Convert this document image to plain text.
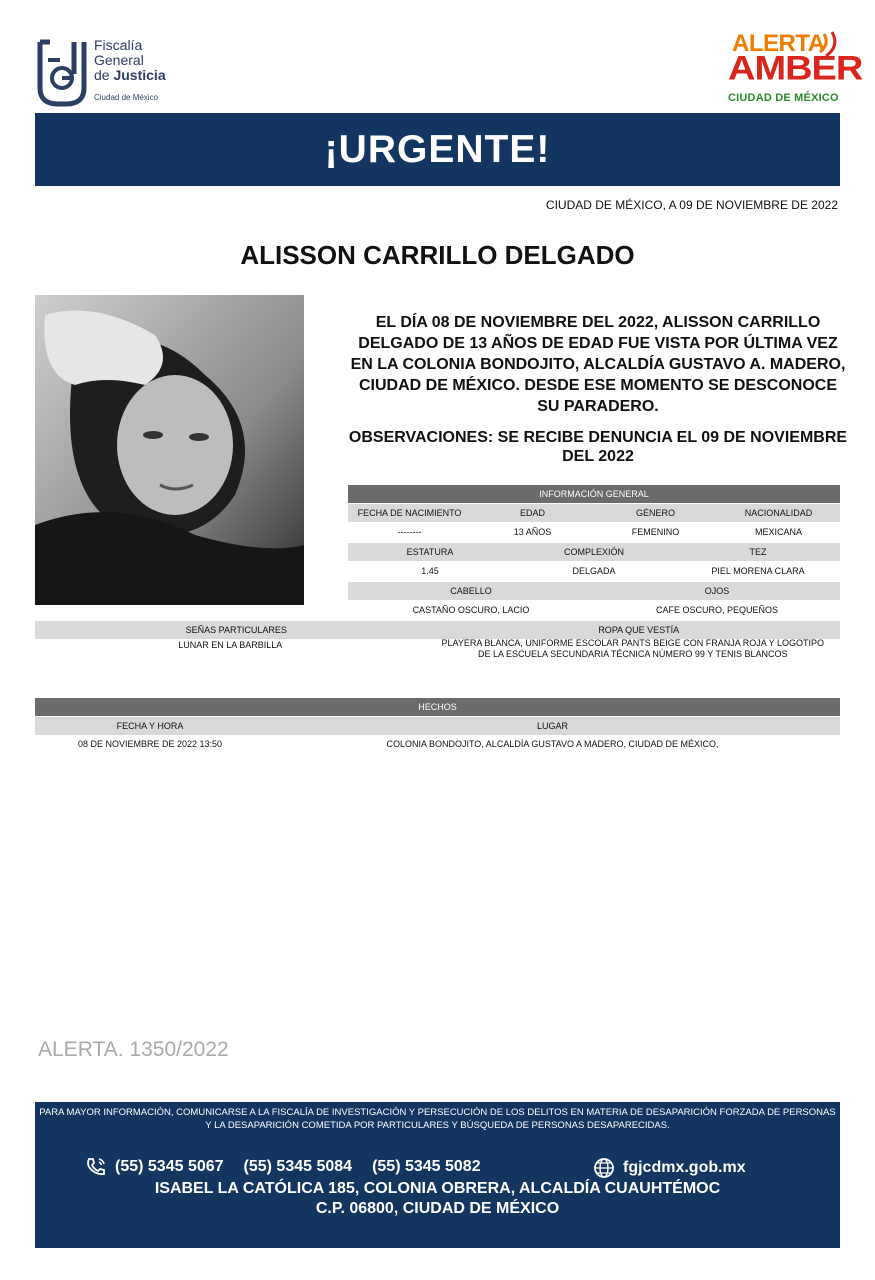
Fiscalía
General
de Justicia
Ciudad de México
ALERTA
AMBER
CIUDAD DE MÉXICO
¡URGENTE!
CIUDAD DE MÉXICO, A 09 DE NOVIEMBRE DE 2022
ALISSON CARRILLO DELGADO
EL DÍA 08 DE NOVIEMBRE DEL 2022, ALISSON CARRILLO DELGADO DE 13 AÑOS DE EDAD FUE VISTA POR ÚLTIMA VEZ EN LA COLONIA BONDOJITO, ALCALDÍA GUSTAVO A. MADERO, CIUDAD DE MÉXICO. DESDE ESE MOMENTO SE DESCONOCE SU PARADERO.
OBSERVACIONES: SE RECIBE DENUNCIA EL 09 DE NOVIEMBRE DEL 2022
INFORMACIÓN GENERAL
FECHA DE NACIMIENTO	EDAD	GÉNERO	NACIONALIDAD
--------	13 AÑOS	FEMENINO	MEXICANA
ESTATURA	COMPLEXIÓN	TEZ
1.45	DELGADA	PIEL MORENA CLARA
CABELLO	OJOS
CASTAÑO OSCURO, LACIO	CAFE OSCURO, PEQUEÑOS
SEÑAS PARTICULARES	ROPA QUE VESTÍA
LUNAR EN LA BARBILLA	PLAYERA BLANCA, UNIFORME ESCOLAR PANTS BEIGE CON FRANJA ROJA Y LOGOTIPO DE LA ESCUELA SECUNDARIA TÉCNICA NÚMERO 99 Y TENIS BLANCOS
HECHOS
FECHA Y HORA	LUGAR
08 DE NOVIEMBRE DE 2022 13:50	COLONIA BONDOJITO, ALCALDÍA GUSTAVO A MADERO, CIUDAD DE MÉXICO,
ALERTA. 1350/2022
PARA MAYOR INFORMACIÓN, COMUNICARSE A LA FISCALÍA DE INVESTIGACIÓN Y PERSECUCIÓN DE LOS DELITOS EN MATERIA DE DESAPARICIÓN FORZADA DE PERSONAS Y LA DESAPARICIÓN COMETIDA POR PARTICULARES Y BÚSQUEDA DE PERSONAS DESAPARECIDAS.
(55) 5345 5067 (55) 5345 5084 (55) 5345 5082	fgjcdmx.gob.mx
ISABEL LA CATÓLICA 185, COLONIA OBRERA, ALCALDÍA CUAUHTÉMOC
C.P. 06800, CIUDAD DE MÉXICO
